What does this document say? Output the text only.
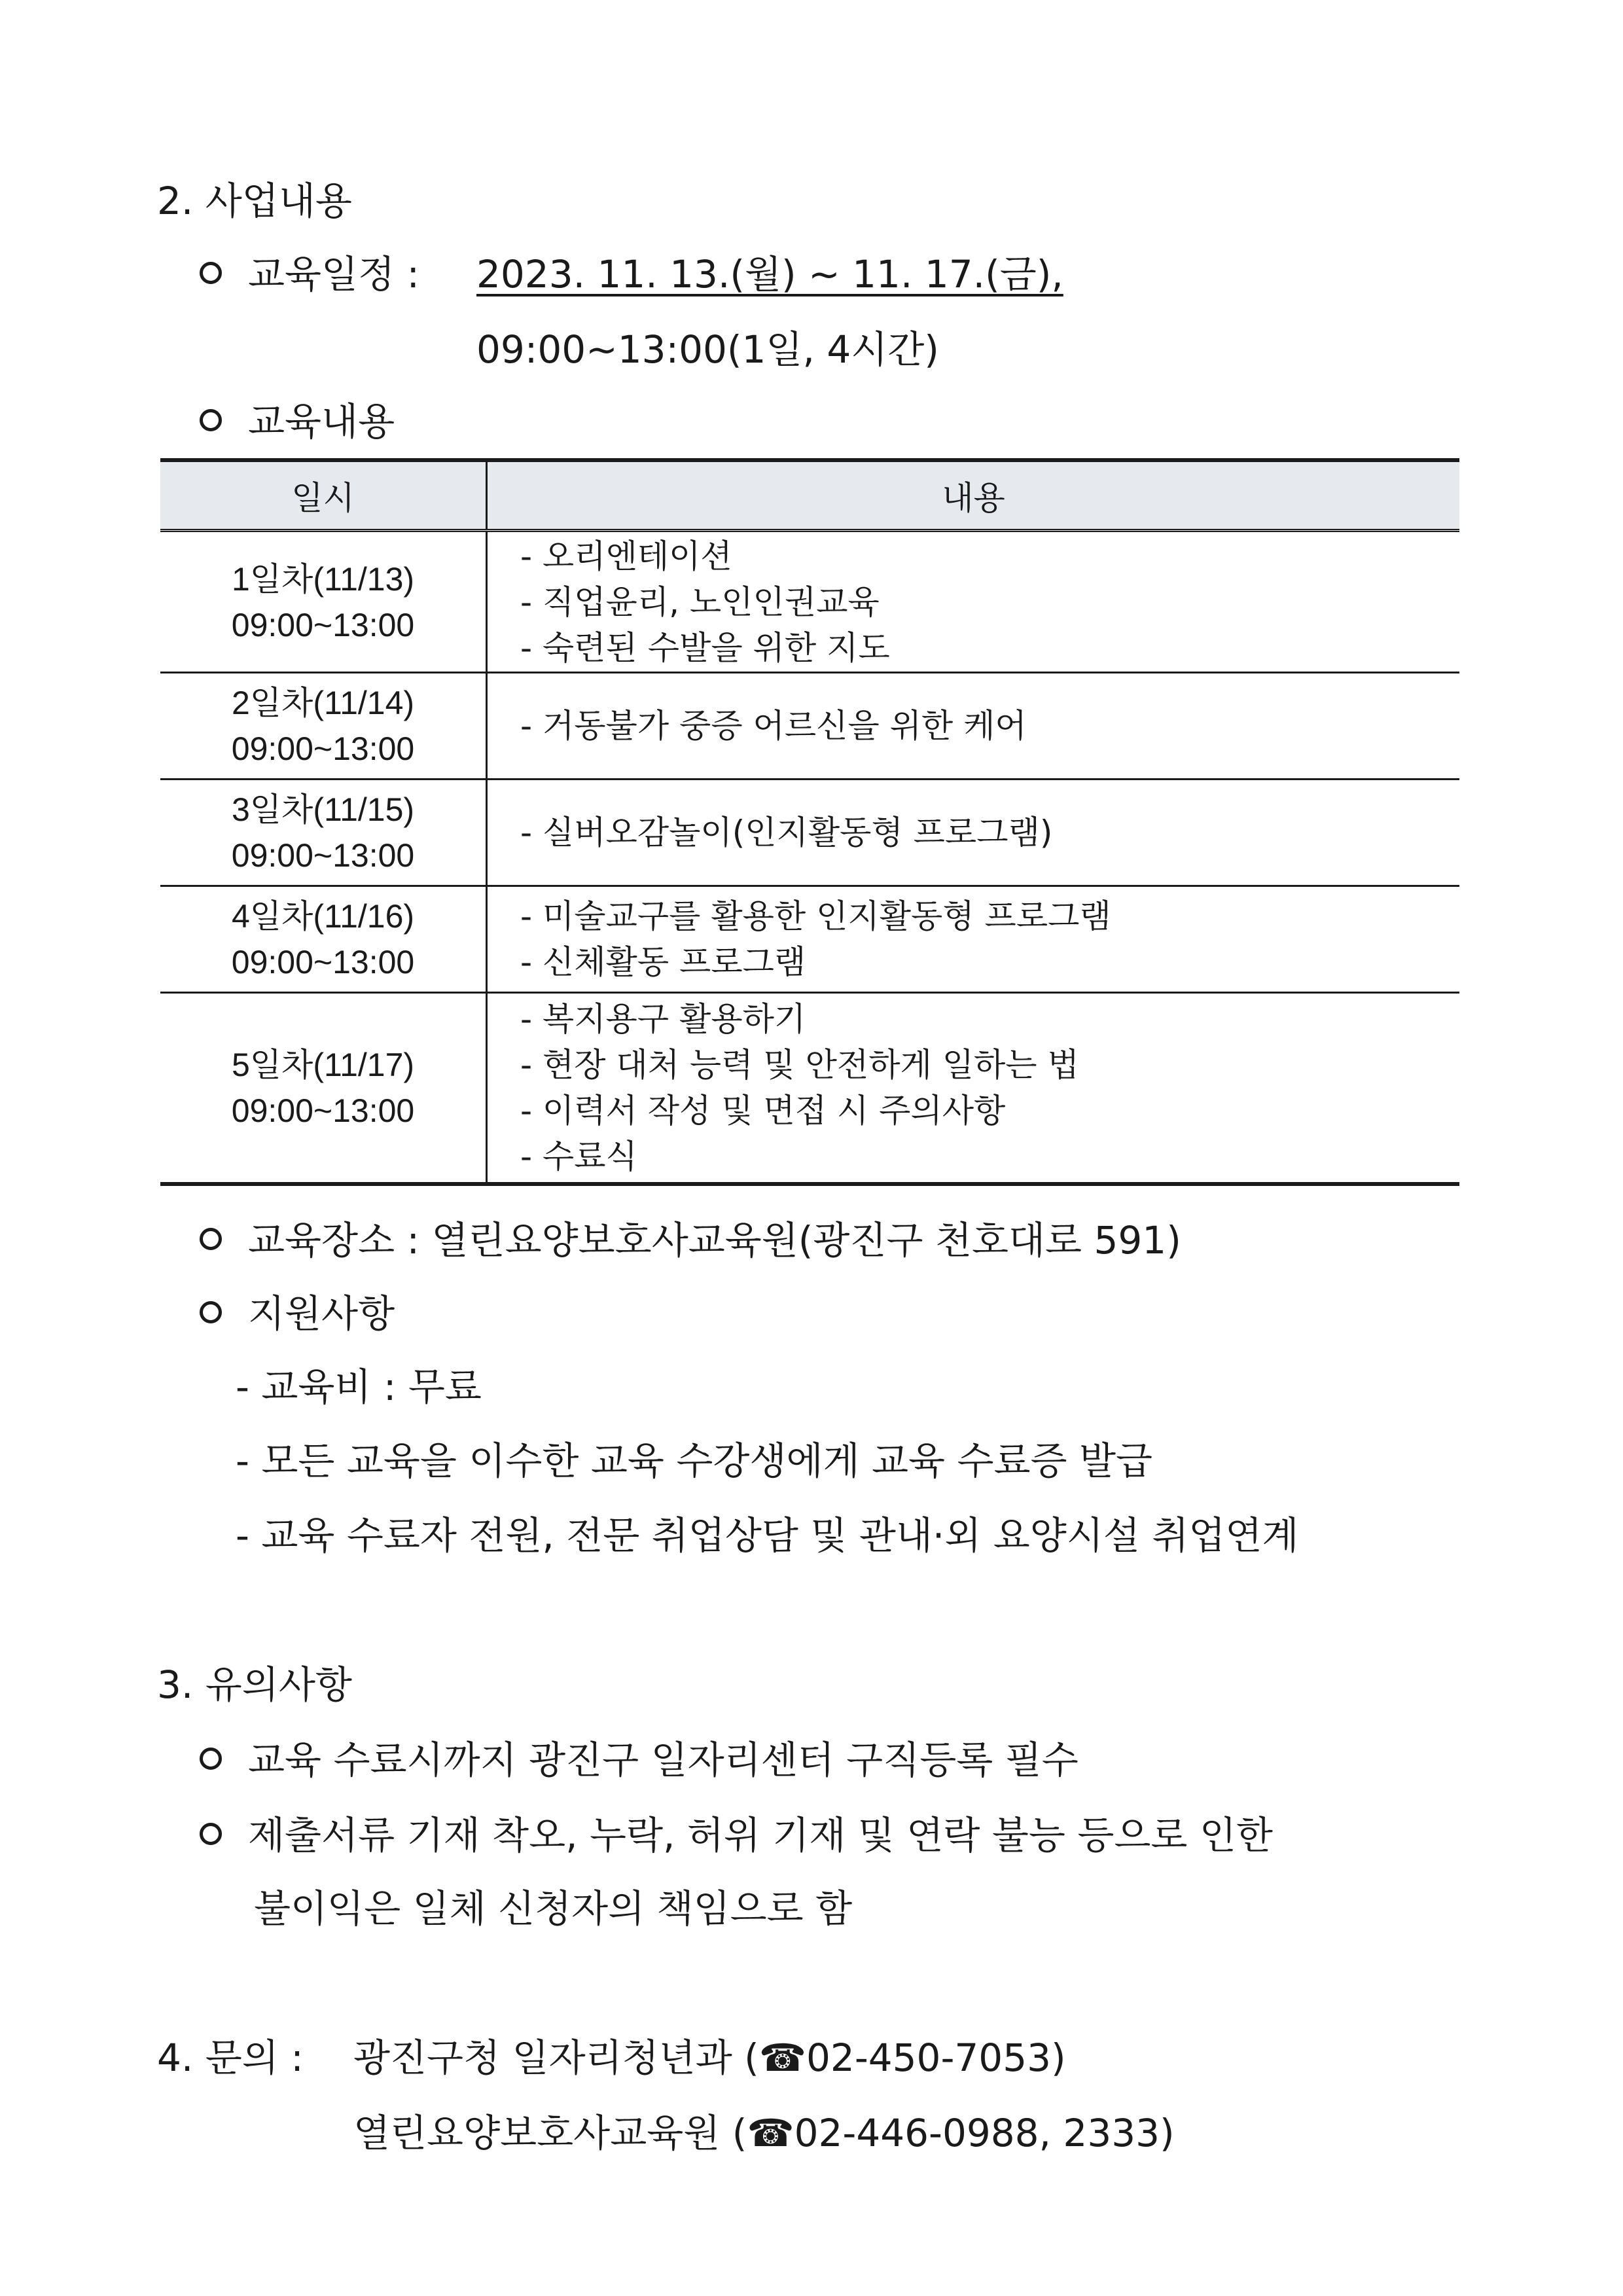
2. 사업내용
교육일정 : 2023. 11. 13.(월) ~ 11. 17.(금),
09:00~13:00(1일, 4시간)
교육내용
일시	내용

1일차(11/13)
09:00~13:00	- 오리엔테이션
- 직업윤리, 노인인권교육
- 숙련된 수발을 위한 지도

2일차(11/14)
09:00~13:00	- 거동불가 중증 어르신을 위한 케어

3일차(11/15)
09:00~13:00	- 실버오감놀이(인지활동형 프로그램)

4일차(11/16)
09:00~13:00	- 미술교구를 활용한 인지활동형 프로그램
- 신체활동 프로그램

5일차(11/17)
09:00~13:00	- 복지용구 활용하기
- 현장 대처 능력 및 안전하게 일하는 법
- 이력서 작성 및 면접 시 주의사항
- 수료식
교육장소 : 열린요양보호사교육원(광진구 천호대로 591)
지원사항
- 교육비 : 무료
- 모든 교육을 이수한 교육 수강생에게 교육 수료증 발급
- 교육 수료자 전원, 전문 취업상담 및 관내·외 요양시설 취업연계
3. 유의사항
교육 수료시까지 광진구 일자리센터 구직등록 필수
제출서류 기재 착오, 누락, 허위 기재 및 연락 불능 등으로 인한
불이익은 일체 신청자의 책임으로 함
4. 문의 : 광진구청 일자리청년과 (☎02-450-7053)
열린요양보호사교육원 (☎02-446-0988, 2333)
